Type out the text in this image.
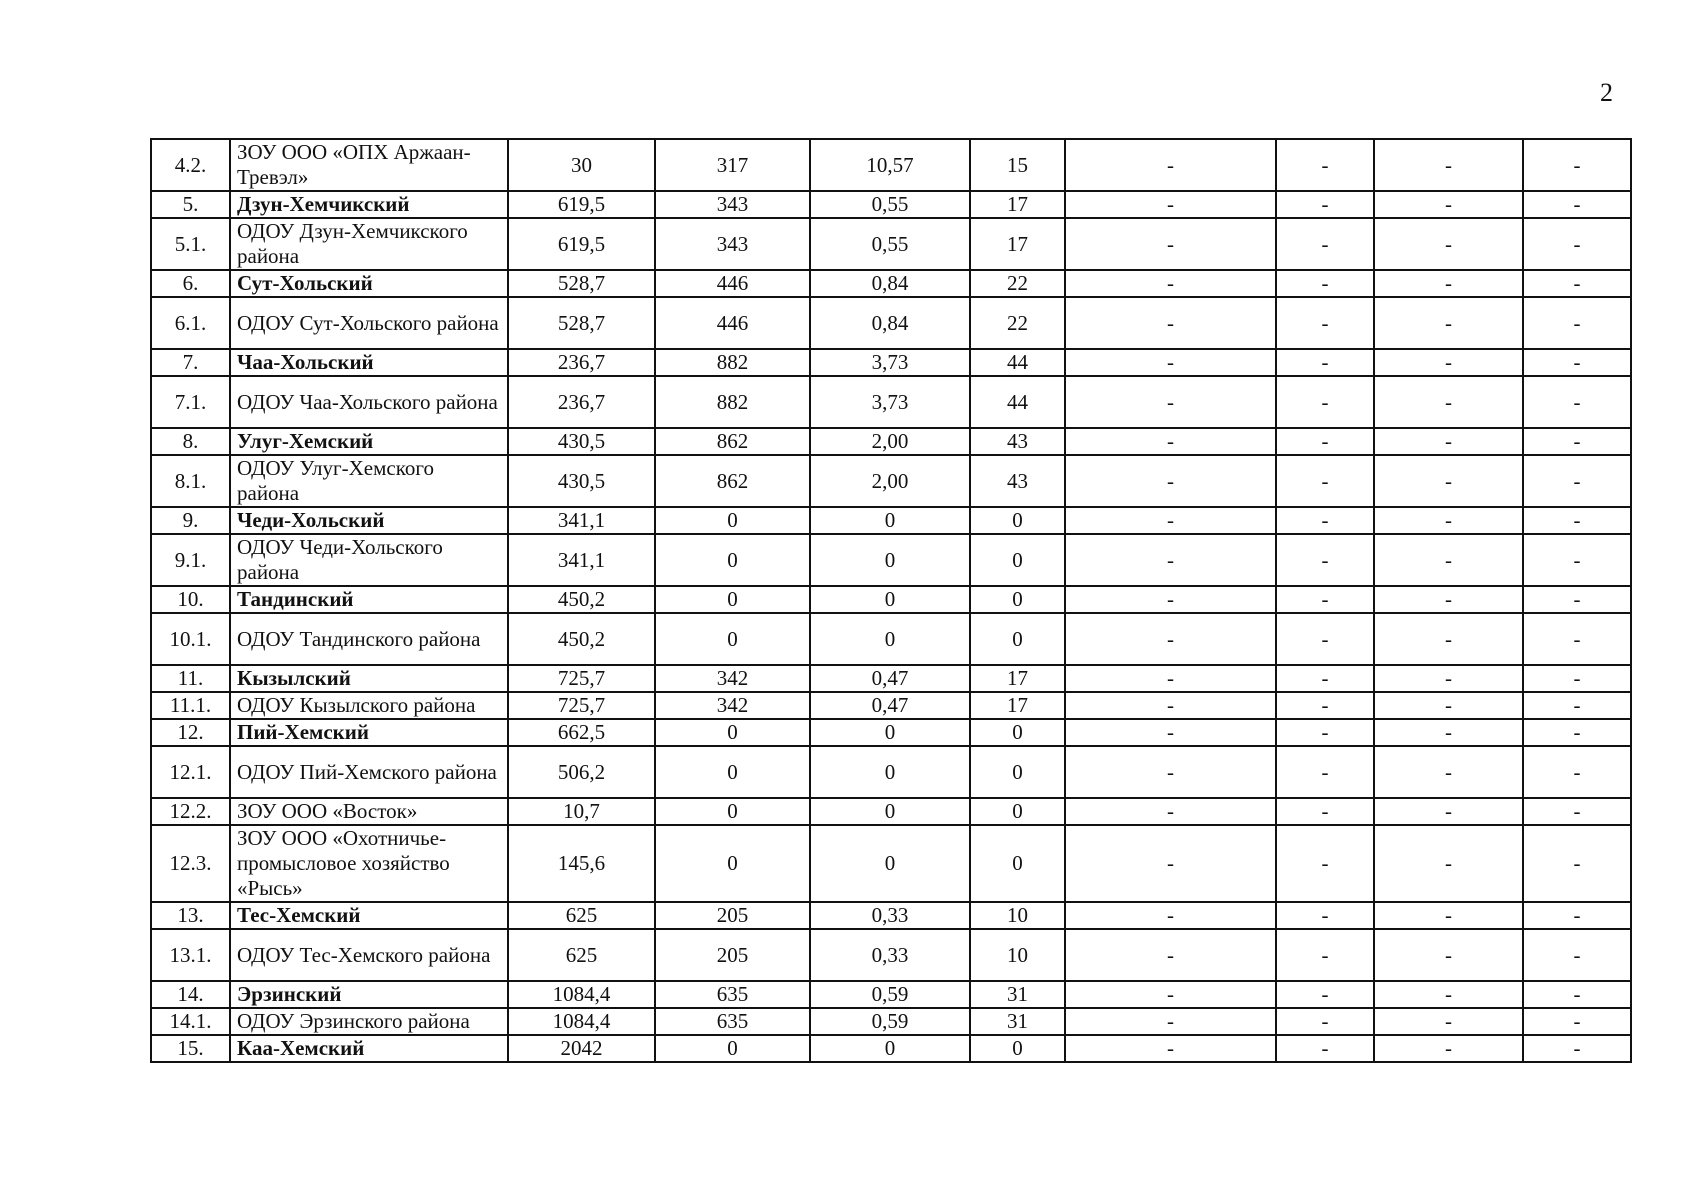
2
4.2.	ЗОУ ООО «ОПХ Аржаан-Тревэл»	30	317	10,57	15	-	-	-	-
5.	Дзун-Хемчикский	619,5	343	0,55	17	-	-	-	-
5.1.	ОДОУ Дзун-Хемчикского района	619,5	343	0,55	17	-	-	-	-
6.	Сут-Хольский	528,7	446	0,84	22	-	-	-	-
6.1.	ОДОУ Сут-Хольского района	528,7	446	0,84	22	-	-	-	-
7.	Чаа-Хольский	236,7	882	3,73	44	-	-	-	-
7.1.	ОДОУ Чаа-Хольского района	236,7	882	3,73	44	-	-	-	-
8.	Улуг-Хемский	430,5	862	2,00	43	-	-	-	-
8.1.	ОДОУ Улуг-Хемского района	430,5	862	2,00	43	-	-	-	-
9.	Чеди-Хольский	341,1	0	0	0	-	-	-	-
9.1.	ОДОУ Чеди-Хольского района	341,1	0	0	0	-	-	-	-
10.	Тандинский	450,2	0	0	0	-	-	-	-
10.1.	ОДОУ Тандинского района	450,2	0	0	0	-	-	-	-
11.	Кызылский	725,7	342	0,47	17	-	-	-	-
11.1.	ОДОУ Кызылского района	725,7	342	0,47	17	-	-	-	-
12.	Пий-Хемский	662,5	0	0	0	-	-	-	-
12.1.	ОДОУ Пий-Хемского района	506,2	0	0	0	-	-	-	-
12.2.	ЗОУ ООО «Восток»	10,7	0	0	0	-	-	-	-
12.3.	ЗОУ ООО «Охотничье-промысловое хозяйство «Рысь»	145,6	0	0	0	-	-	-	-
13.	Тес-Хемский	625	205	0,33	10	-	-	-	-
13.1.	ОДОУ Тес-Хемского района	625	205	0,33	10	-	-	-	-
14.	Эрзинский	1084,4	635	0,59	31	-	-	-	-
14.1.	ОДОУ Эрзинского района	1084,4	635	0,59	31	-	-	-	-
15.	Каа-Хемский	2042	0	0	0	-	-	-	-
